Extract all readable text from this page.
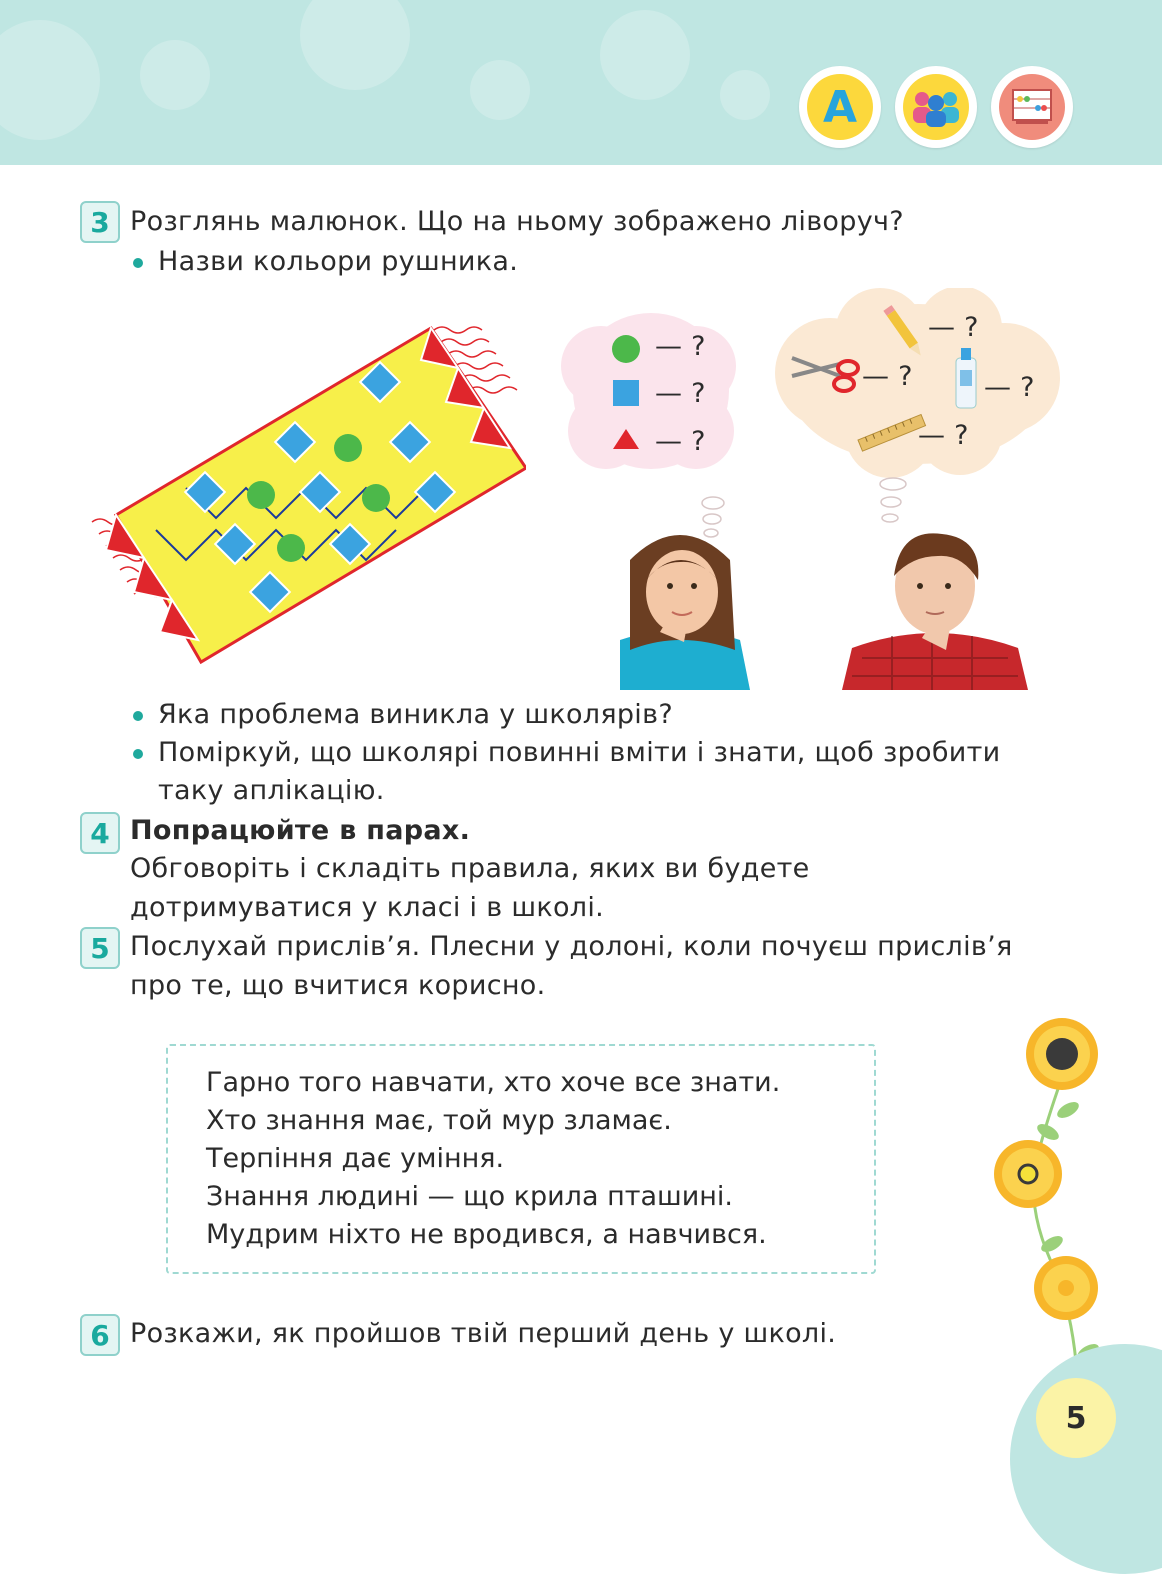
A
3 Розглянь малюнок. Що на ньому зображено ліворуч?
Назви кольори рушника.
— ?
— ?
— ?
— ?
— ?	— ?
— ?
Яка проблема виникла у школярів?
Поміркуй, що школярі повинні вміти і знати, щоб зробити
таку аплікацію.
4 Попрацюйте в парах.
Обговоріть і складіть правила, яких ви будете
дотримуватися у класі і в школі.
5 Послухай прислів’я. Плесни у долоні, коли почуєш прислів’я
про те, що вчитися корисно.
Гарно того навчати, хто хоче все знати.
Хто знання має, той мур зламає.
Терпіння дає уміння.
Знання людині — що крила пташині.
Мудрим ніхто не вродився, а навчився.
6 Розкажи, як пройшов твій перший день у школі.
5
